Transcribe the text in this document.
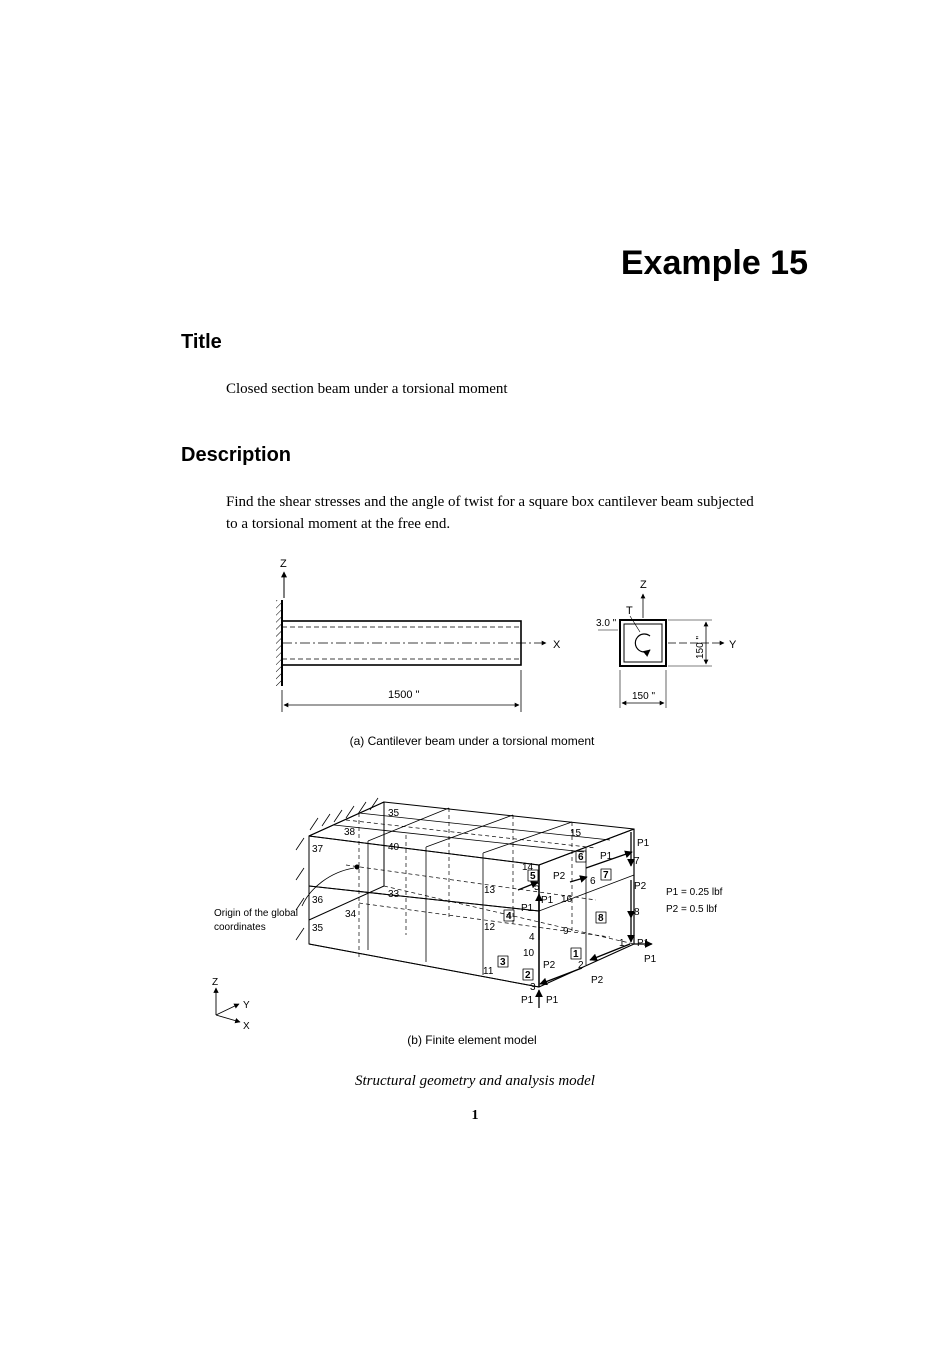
Example 15
Title

Closed section beam under a torsional moment

Description

Find the shear stresses and the angle of twist for a square box cantilever beam subjected to a torsional moment at the free end.

Z
X
1500 "
Z
Y
T
3.0 "
150 "
150 "
(a) Cantilever beam under a torsional moment
Origin of the global
coordinates
35
38
37	40
36
33
34
35
15
14
13	5
16
6
7
8
12
4
9
10
11
2
3
1
5
6
7
4	8
1
3
2
P1
P1
P2
P2
P1
P1
P1
P1
P2
P2
P1 P1
P1 = 0.25 lbf
P2 = 0.5 lbf
Z
Y
X
(b) Finite element model

Structural geometry and analysis model

1
